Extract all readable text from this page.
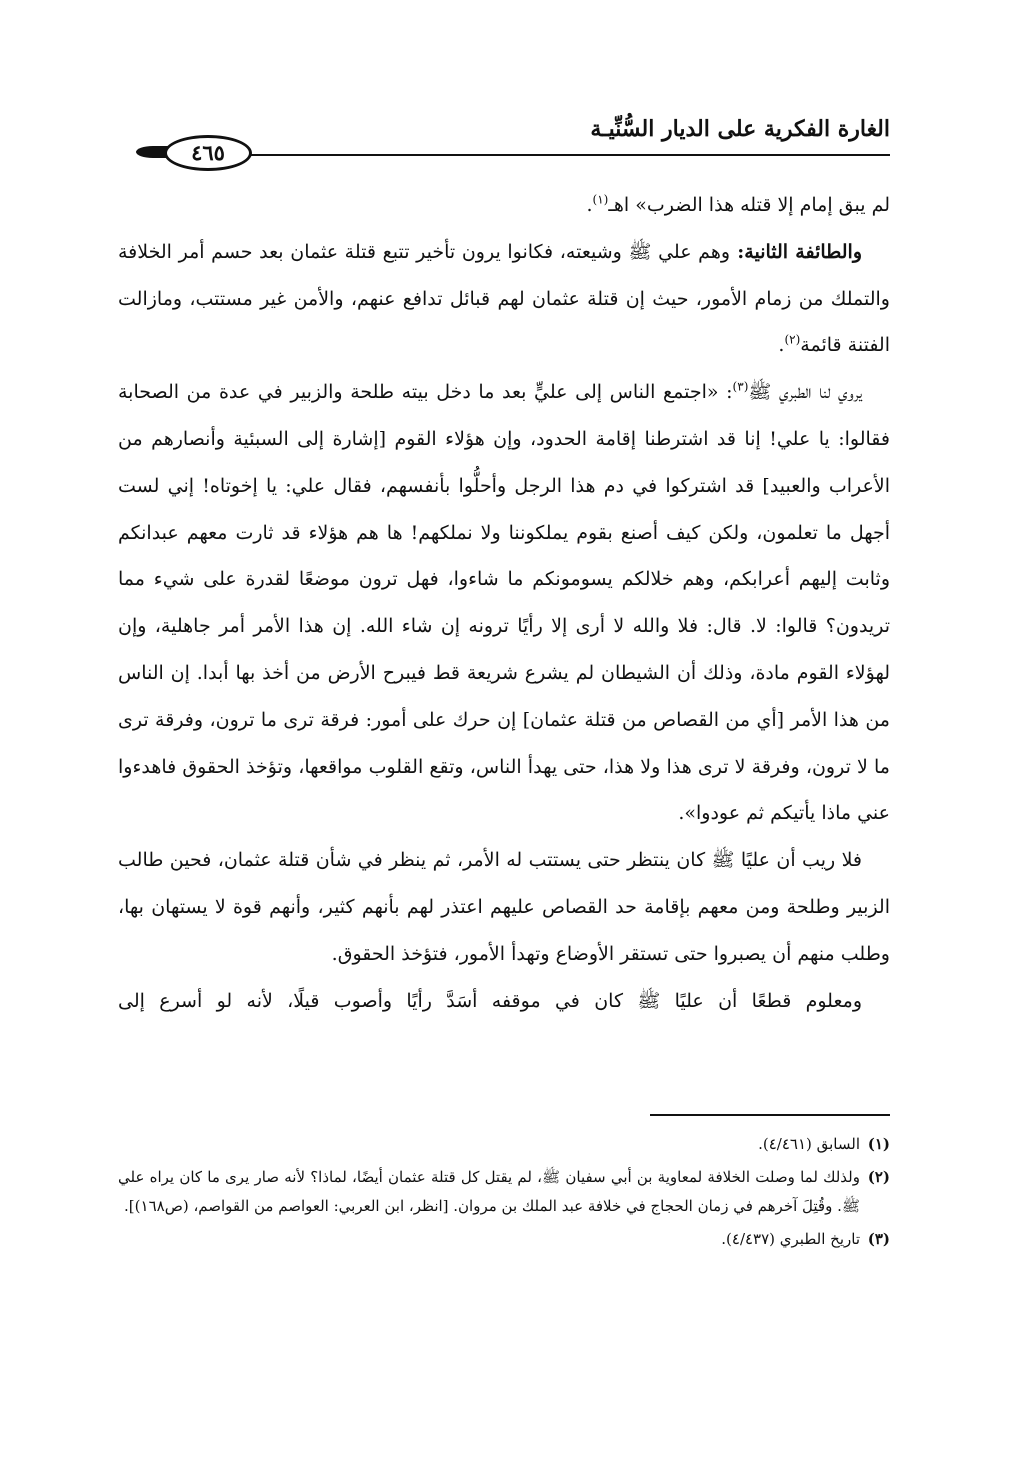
الغارة الفكرية على الديار السُّنِّيـة
٤٦٥

لم يبق إمام إلا قتله هذا الضرب» اهـ$^{(١)}$.

والطائفة الثانية: وهم علي ﷺ وشيعته، فكانوا يرون تأخير تتبع قتلة عثمان بعد حسم أمر الخلافة والتملك من زمام الأمور، حيث إن قتلة عثمان لهم قبائل تدافع عنهم، والأمن غير مستتب، ومازالت الفتنة قائمة$^{(٢)}$.

يروي لنا الطبري ﷺ$^{(٣)}$: «اجتمع الناس إلى عليٍّ بعد ما دخل بيته طلحة والزبير في عدة من الصحابة فقالوا: يا علي! إنا قد اشترطنا إقامة الحدود، وإن هؤلاء القوم [إشارة إلى السبئية وأنصارهم من الأعراب والعبيد] قد اشتركوا في دم هذا الرجل وأحلُّوا بأنفسهم، فقال علي: يا إخوتاه! إني لست أجهل ما تعلمون، ولكن كيف أصنع بقوم يملكوننا ولا نملكهم! ها هم هؤلاء قد ثارت معهم عبدانكم وثابت إليهم أعرابكم، وهم خلالكم يسومونكم ما شاءوا، فهل ترون موضعًا لقدرة على شيء مما تريدون؟ قالوا: لا. قال: فلا والله لا أرى إلا رأيًا ترونه إن شاء الله. إن هذا الأمر أمر جاهلية، وإن لهؤلاء القوم مادة، وذلك أن الشيطان لم يشرع شريعة قط فيبرح الأرض من أخذ بها أبدا. إن الناس من هذا الأمر [أي من القصاص من قتلة عثمان] إن حرك على أمور: فرقة ترى ما ترون، وفرقة ترى ما لا ترون، وفرقة لا ترى هذا ولا هذا، حتى يهدأ الناس، وتقع القلوب مواقعها، وتؤخذ الحقوق فاهدءوا عني ماذا يأتيكم ثم عودوا».

فلا ريب أن عليًا ﷺ كان ينتظر حتى يستتب له الأمر، ثم ينظر في شأن قتلة عثمان، فحين طالب الزبير وطلحة ومن معهم بإقامة حد القصاص عليهم اعتذر لهم بأنهم كثير، وأنهم قوة لا يستهان بها، وطلب منهم أن يصبروا حتى تستقر الأوضاع وتهدأ الأمور، فتؤخذ الحقوق.

ومعلوم قطعًا أن عليًا ﷺ كان في موقفه أسَدَّ رأيًا وأصوب قيلًا، لأنه لو أسرع إلى

(١)
السابق (٤/٤٦١).
(٢)
ولذلك لما وصلت الخلافة لمعاوية بن أبي سفيان ﷺ، لم يقتل كل قتلة عثمان أيضًا، لماذا؟ لأنه صار يرى ما كان يراه علي ﷺ. وقُتِلَ آخرهم في زمان الحجاج في خلافة عبد الملك بن مروان. [انظر، ابن العربي: العواصم من القواصم، (ص١٦٨)].
(٣)
تاريخ الطبري (٤/٤٣٧).
